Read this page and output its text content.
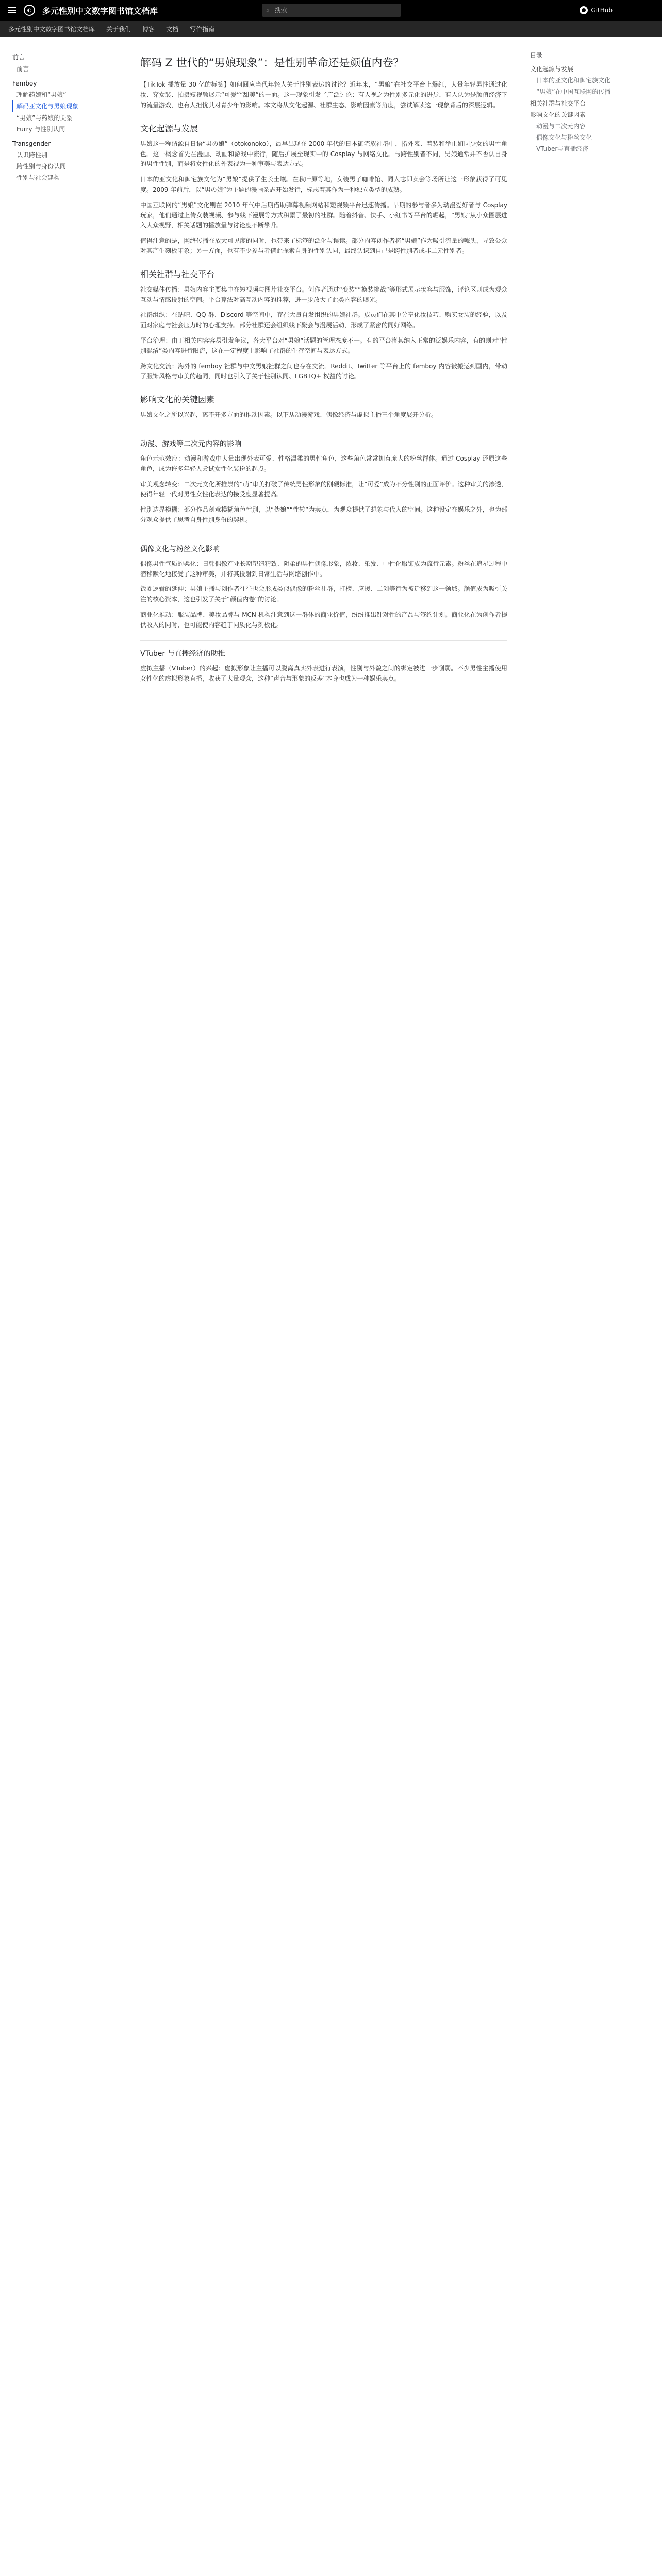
◐	多元性别中文数字图书馆文档库	⌕
搜索	GitHub
多元性别中文数字图书馆文档库 关于我们 博客 文档 写作指南
前言
前言
Femboy
理解药娘和“男娘”
解码亚文化与男娘现象
“男娘”与药娘的关系
Furry 与性别认同
Transgender
认识跨性别
跨性别与身份认同
性别与社会建构
解码 Z 世代的“男娘现象”：是性别革命还是颜值内卷？

【TikTok 播放量 30 亿的标签】如何回应当代年轻人关于性别表达的讨论？近年来，“男娘”在社交平台上爆红，大量年轻男性通过化妆、穿女装、拍摄短视频展示“可爱”“甜美”的一面。这一现象引发了广泛讨论：有人视之为性别多元化的进步，有人认为是颜值经济下的流量游戏，也有人担忧其对青少年的影响。本文将从文化起源、社群生态、影响因素等角度，尝试解读这一现象背后的深层逻辑。

文化起源与发展

男娘这一称谓源自日语“男の娘”（otokonoko），最早出现在 2000 年代的日本御宅族社群中，指外表、着装和举止如同少女的男性角色。这一概念首先在漫画、动画和游戏中流行，随后扩展至现实中的 Cosplay 与网络文化。与跨性别者不同，男娘通常并不否认自身的男性性别，而是将女性化的外表视为一种审美与表达方式。

日本的亚文化和御宅族文化为“男娘”提供了生长土壤。在秋叶原等地，女装男子咖啡馆、同人志即卖会等场所让这一形象获得了可见度。2009 年前后，以“男の娘”为主题的漫画杂志开始发行，标志着其作为一种独立类型的成熟。

中国互联网的“男娘”文化则在 2010 年代中后期借助弹幕视频网站和短视频平台迅速传播。早期的参与者多为动漫爱好者与 Cosplay 玩家，他们通过上传女装视频、参与线下漫展等方式积累了最初的社群。随着抖音、快手、小红书等平台的崛起，“男娘”从小众圈层进入大众视野，相关话题的播放量与讨论度不断攀升。

值得注意的是，网络传播在放大可见度的同时，也带来了标签的泛化与误读。部分内容创作者将“男娘”作为吸引流量的噱头，导致公众对其产生刻板印象；另一方面，也有不少参与者借此探索自身的性别认同，最终认识到自己是跨性别者或非二元性别者。

相关社群与社交平台

社交媒体传播：男娘内容主要集中在短视频与图片社交平台。创作者通过“变装”“换装挑战”等形式展示妆容与服饰，评论区则成为观众互动与情感投射的空间。平台算法对高互动内容的推荐，进一步放大了此类内容的曝光。

社群组织：在贴吧、QQ 群、Discord 等空间中，存在大量自发组织的男娘社群。成员们在其中分享化妆技巧、购买女装的经验，以及面对家庭与社会压力时的心理支持。部分社群还会组织线下聚会与漫展活动，形成了紧密的同好网络。

平台治理：由于相关内容容易引发争议，各大平台对“男娘”话题的管理态度不一。有的平台将其纳入正常的泛娱乐内容，有的则对“性别混淆”类内容进行限流，这在一定程度上影响了社群的生存空间与表达方式。

跨文化交流：海外的 femboy 社群与中文男娘社群之间也存在交流。Reddit、Twitter 等平台上的 femboy 内容被搬运到国内，带动了服饰风格与审美的趋同，同时也引入了关于性别认同、LGBTQ+ 权益的讨论。

影响文化的关键因素

男娘文化之所以兴起，离不开多方面的推动因素。以下从动漫游戏、偶像经济与虚拟主播三个角度展开分析。

动漫、游戏等二次元内容的影响

角色示范效应：动漫和游戏中大量出现外表可爱、性格温柔的男性角色，这些角色常常拥有庞大的粉丝群体。通过 Cosplay 还原这些角色，成为许多年轻人尝试女性化装扮的起点。

审美观念转变：二次元文化所推崇的“萌”审美打破了传统男性形象的刚硬标准，让“可爱”成为不分性别的正面评价。这种审美的渗透，使得年轻一代对男性女性化表达的接受度显著提高。

性别边界模糊：部分作品刻意模糊角色性别，以“伪娘”“性转”为卖点，为观众提供了想象与代入的空间。这种设定在娱乐之外，也为部分观众提供了思考自身性别身份的契机。

偶像文化与粉丝文化影响

偶像男性气质的柔化：日韩偶像产业长期塑造精致、阴柔的男性偶像形象，浓妆、染发、中性化服饰成为流行元素。粉丝在追星过程中潜移默化地接受了这种审美，并将其投射到日常生活与网络创作中。

饭圈逻辑的延伸：男娘主播与创作者往往也会形成类似偶像的粉丝社群，打榜、应援、二创等行为被迁移到这一领域。颜值成为吸引关注的核心资本，这也引发了关于“颜值内卷”的讨论。

商业化推动：服装品牌、美妆品牌与 MCN 机构注意到这一群体的商业价值，纷纷推出针对性的产品与签约计划。商业化在为创作者提供收入的同时，也可能使内容趋于同质化与刻板化。

VTuber 与直播经济的助推

虚拟主播（VTuber）的兴起：虚拟形象让主播可以脱离真实外表进行表演，性别与外貌之间的绑定被进一步削弱。不少男性主播使用女性化的虚拟形象直播，收获了大量观众，这种“声音与形象的反差”本身也成为一种娱乐卖点。

目录
文化起源与发展
日本的亚文化和御宅族文化
“男娘”在中国互联网的传播
相关社群与社交平台
影响文化的关键因素
动漫与二次元内容
偶像文化与粉丝文化
VTuber与直播经济
